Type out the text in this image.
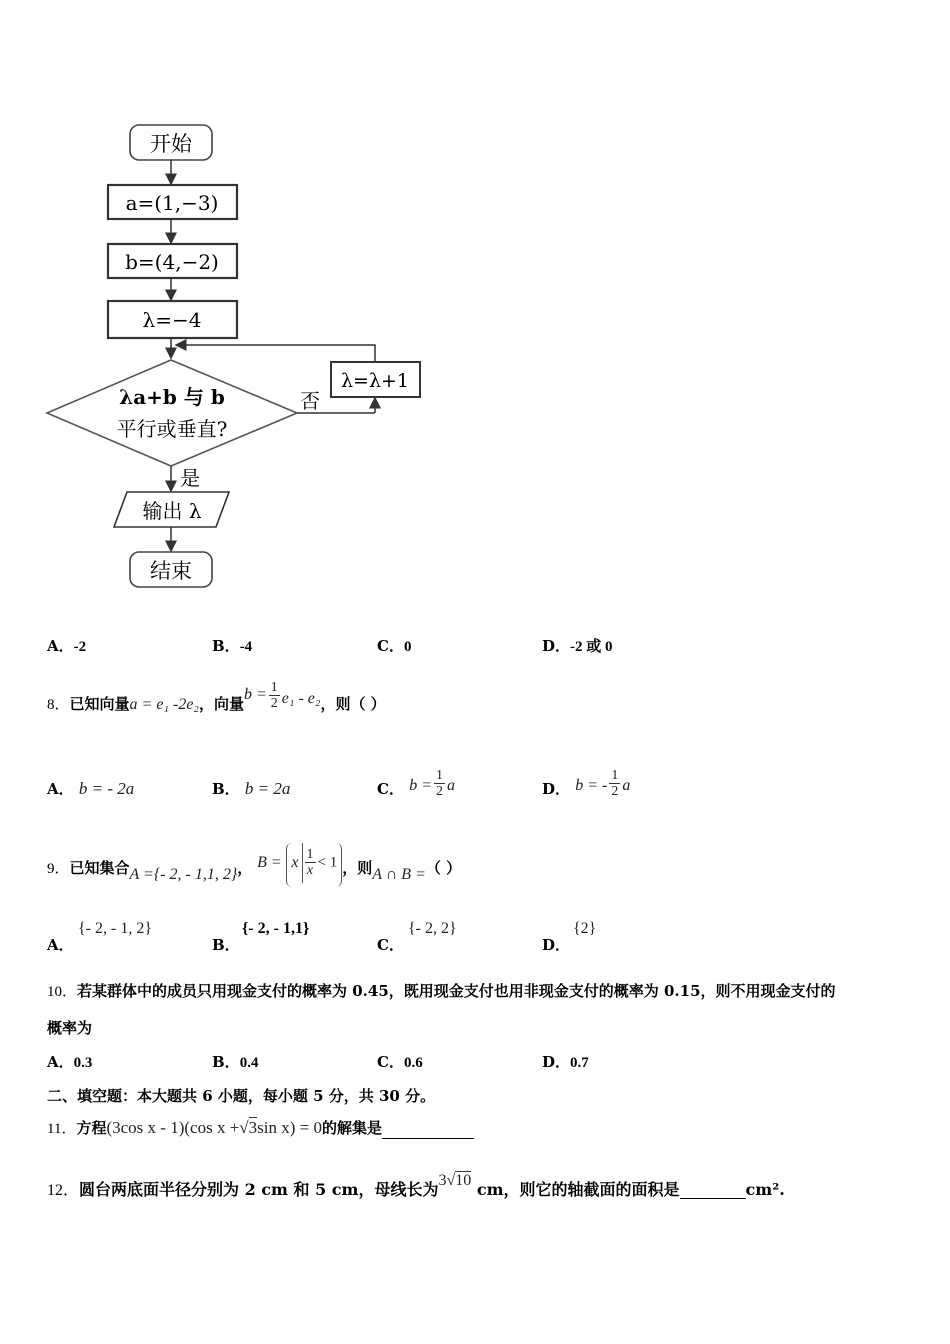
开始
a=(1,−3)
b=(4,−2)
λ=−4
λa+b 与 b
平行或垂直?
否
λ=λ+1
是
输出 λ
结束
A．-2	B．-4	C．0	D．-2 或 0
8．已知向量a = e₁ -2e₂，向量$b = \frac{1}{2} e_1 - e_2$，则（ ）
A． b = - 2a	B． b = 2a	C． $b = \frac{1}{2}$ a	D． b = - $\frac{1}{2}$ a
9．已知集合A ={- 2, - 1,1, 2}， B = x $\frac{1}{x} < 1$ ，则A ∩ B =（ ）
A．
{- 2, - 1, 2}
B．
{- 2, - 1,1}
C．
{- 2, 2}
D．
{2}
10．若某群体中的成员只用现金支付的概率为 0.45，既用现金支付也用非现金支付的概率为 0.15，则不用现金支付的
概率为
A．0.3	B．0.4	C．0.6	D．0.7
二、填空题：本大题共 6 小题，每小题 5 分，共 30 分。
11．方程(3cos x - 1)(cos x +√3sin x) = 0的解集是
12．圆台两底面半径分别为 2 cm 和 5 cm，母线长为3√10 cm，则它的轴截面的面积是	cm².
